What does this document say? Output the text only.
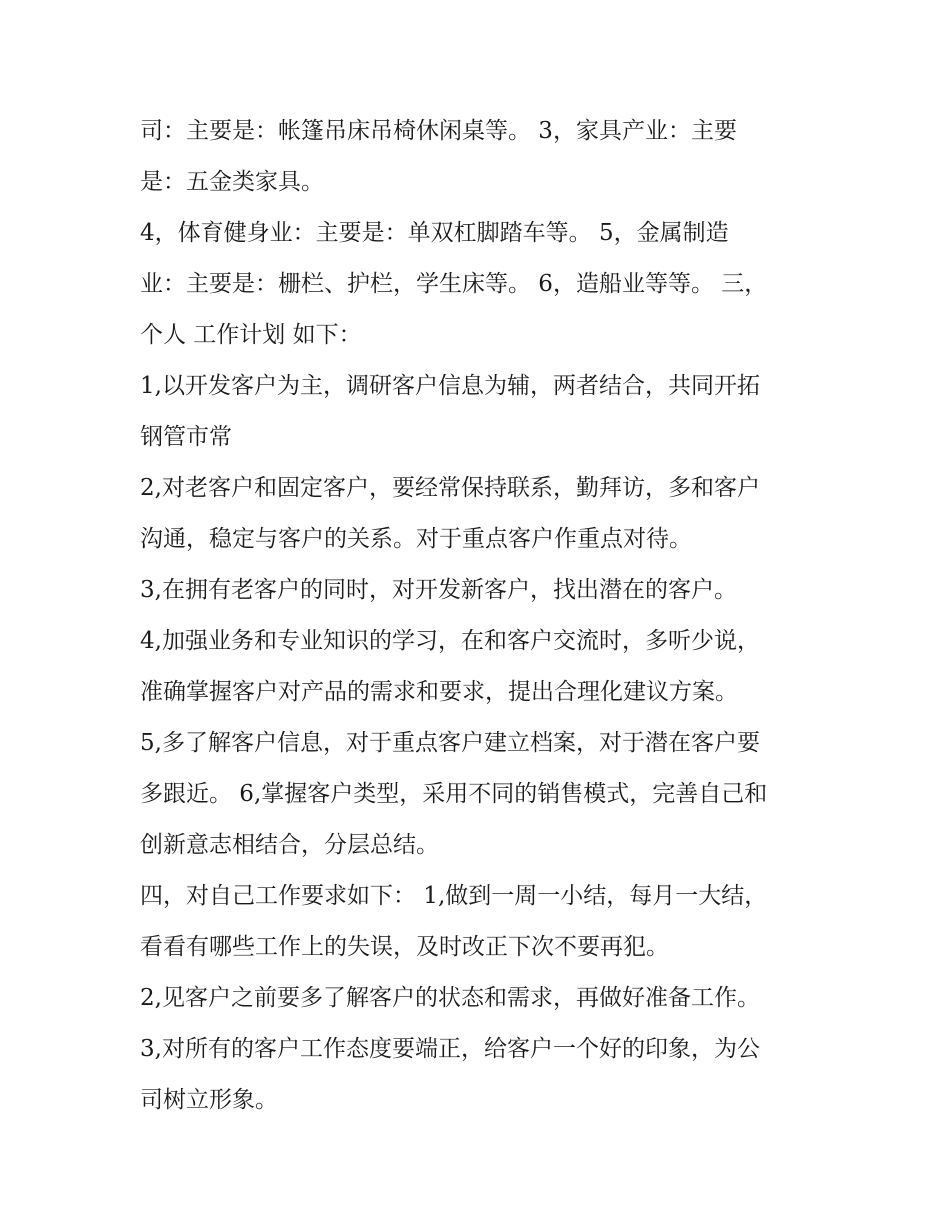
司：主要是：帐篷吊床吊椅休闲桌等。 3，家具产业：主要
是：五金类家具。
4，体育健身业：主要是：单双杠脚踏车等。 5，金属制造
业：主要是：栅栏、护栏，学生床等。 6，造船业等等。 三，
个人 工作计划 如下：
1,以开发客户为主，调研客户信息为辅，两者结合，共同开拓
钢管市常
2,对老客户和固定客户，要经常保持联系，勤拜访，多和客户
沟通，稳定与客户的关系。对于重点客户作重点对待。
3,在拥有老客户的同时，对开发新客户，找出潜在的客户。
4,加强业务和专业知识的学习，在和客户交流时，多听少说，
准确掌握客户对产品的需求和要求，提出合理化建议方案。
5,多了解客户信息，对于重点客户建立档案，对于潜在客户要
多跟近。 6,掌握客户类型，采用不同的销售模式，完善自己和
创新意志相结合，分层总结。
四，对自己工作要求如下： 1,做到一周一小结，每月一大结，
看看有哪些工作上的失误，及时改正下次不要再犯。
2,见客户之前要多了解客户的状态和需求，再做好准备工作。
3,对所有的客户工作态度要端正，给客户一个好的印象，为公
司树立形象。
